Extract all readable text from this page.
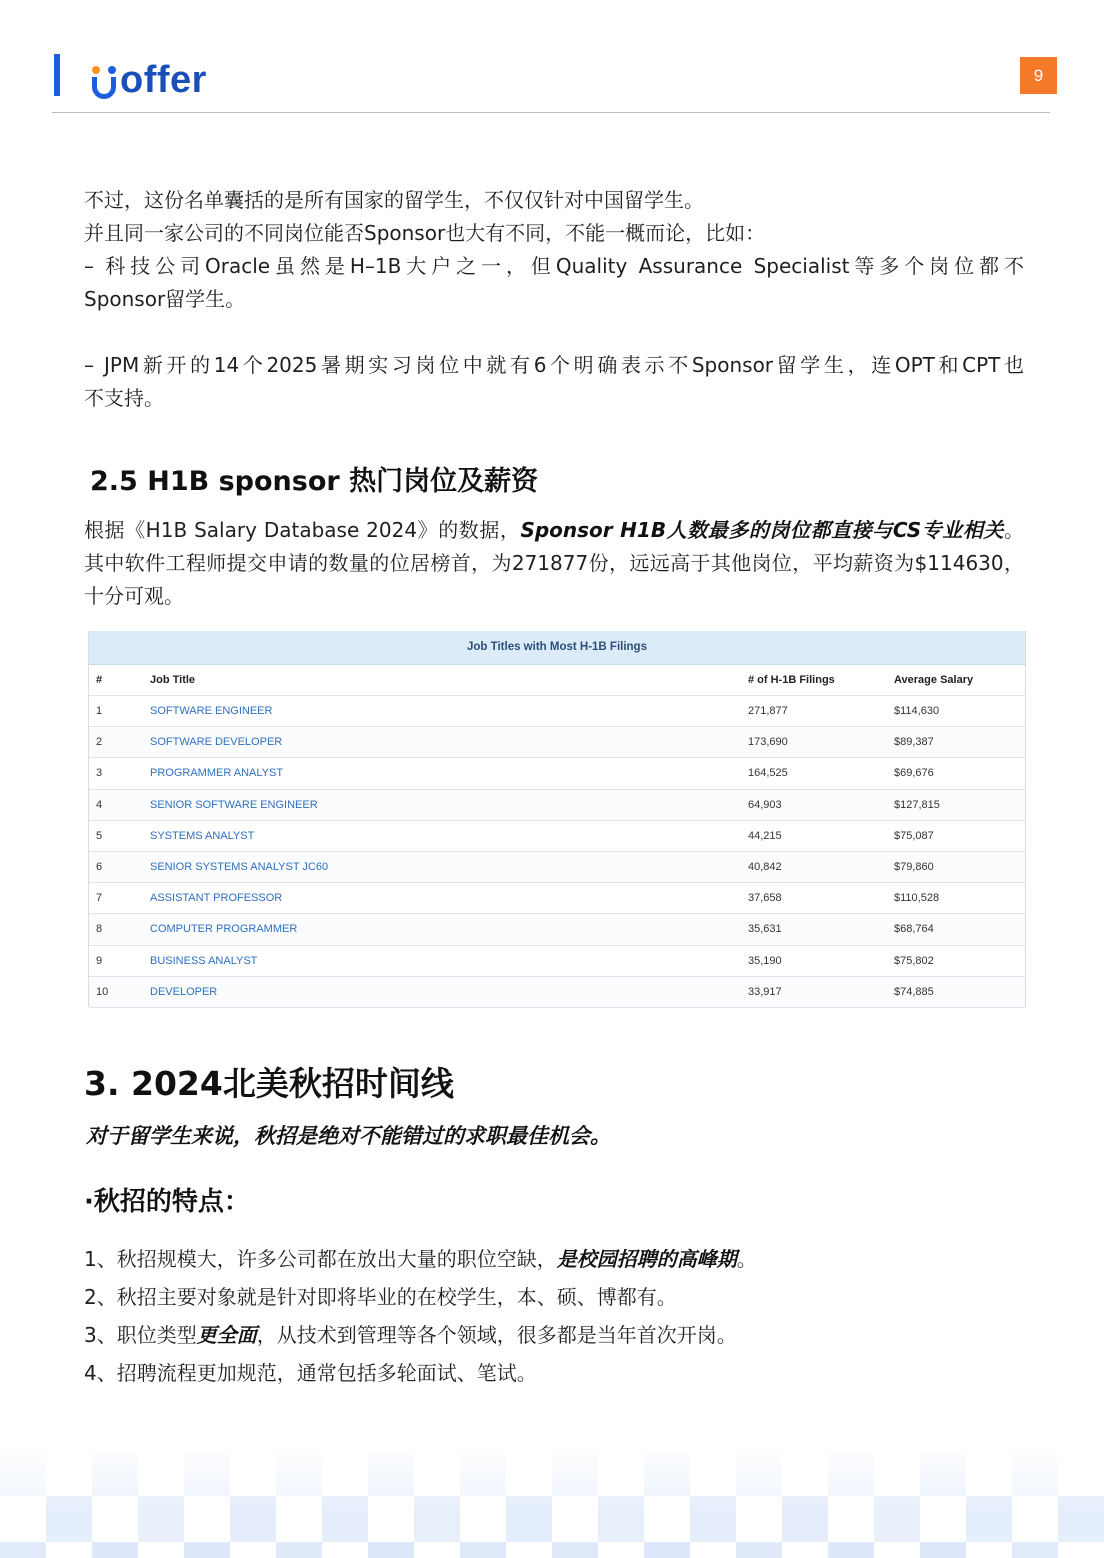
offer	9

不过，这份名单囊括的是所有国家的留学生，不仅仅针对中国留学生。

并且同一家公司的不同岗位能否Sponsor也大有不同，不能一概而论，比如：

– 科技公司Oracle虽然是H–1B大户之一，但Quality Assurance Specialist等多个岗位都不

Sponsor留学生。

– JPM新开的14个2025暑期实习岗位中就有6个明确表示不Sponsor留学生，连OPT和CPT也

不支持。

2.5 H1B sponsor 热门岗位及薪资

根据《H1B Salary Database 2024》的数据，Sponsor H1B人数最多的岗位都直接与CS专业相关。其中软件工程师提交申请的数量的位居榜首，为271877份，远远高于其他岗位，平均薪资为$114630，十分可观。

Job Titles with Most H-1B Filings
#	Job Title	# of H-1B Filings	Average Salary
1	SOFTWARE ENGINEER	271,877	$114,630
2	SOFTWARE DEVELOPER	173,690	$89,387
3	PROGRAMMER ANALYST	164,525	$69,676
4	SENIOR SOFTWARE ENGINEER	64,903	$127,815
5	SYSTEMS ANALYST	44,215	$75,087
6	SENIOR SYSTEMS ANALYST JC60	40,842	$79,860
7	ASSISTANT PROFESSOR	37,658	$110,528
8	COMPUTER PROGRAMMER	35,631	$68,764
9	BUSINESS ANALYST	35,190	$75,802
10	DEVELOPER	33,917	$74,885
3. 2024北美秋招时间线
对于留学生来说，秋招是绝对不能错过的求职最佳机会。
·秋招的特点：
1、秋招规模大，许多公司都在放出大量的职位空缺，是校园招聘的高峰期。
2、秋招主要对象就是针对即将毕业的在校学生，本、硕、博都有。
3、职位类型更全面，从技术到管理等各个领域，很多都是当年首次开岗。
4、招聘流程更加规范，通常包括多轮面试、笔试。
